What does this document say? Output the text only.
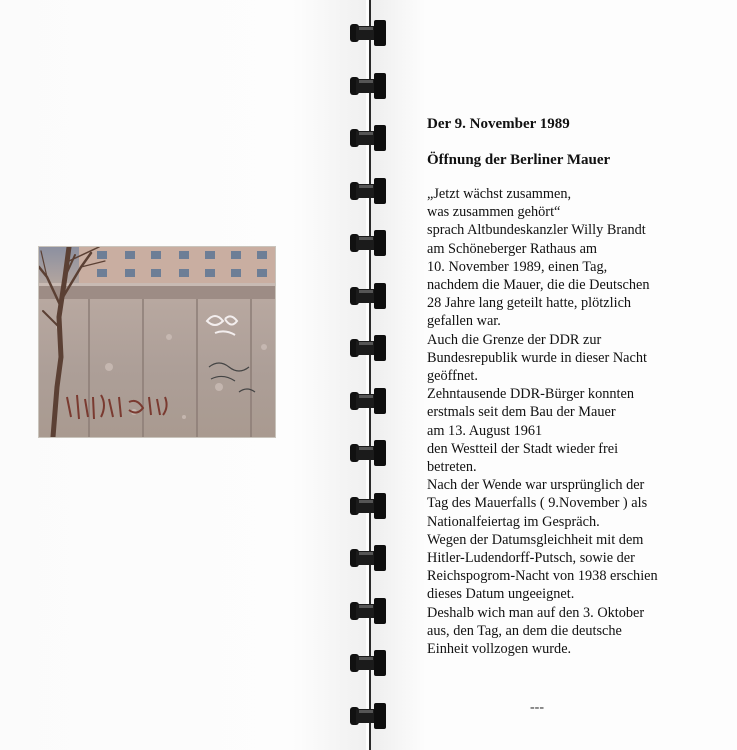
Der 9. November 1989
Öffnung der Berliner Mauer
„Jetzt wächst zusammen,
was zusammen gehört“
sprach Altbundeskanzler Willy Brandt
am Schöneberger Rathaus am
10. November 1989, einen Tag,
nachdem die Mauer, die die Deutschen
28 Jahre lang geteilt hatte, plötzlich
gefallen war.
Auch die Grenze der DDR zur
Bundesrepublik wurde in dieser Nacht
geöffnet.
Zehntausende DDR-Bürger konnten
erstmals seit dem Bau der Mauer
am 13. August 1961
den Westteil der Stadt wieder frei
betreten.
Nach der Wende war ursprünglich der
Tag des Mauerfalls ( 9.November ) als
Nationalfeiertag im Gespräch.
Wegen der Datumsgleichheit mit dem
Hitler-Ludendorff-Putsch, sowie der
Reichspogrom-Nacht von 1938 erschien
dieses Datum ungeeignet.
Deshalb wich man auf den 3. Oktober
aus, den Tag, an dem die deutsche
Einheit vollzogen wurde.
---
